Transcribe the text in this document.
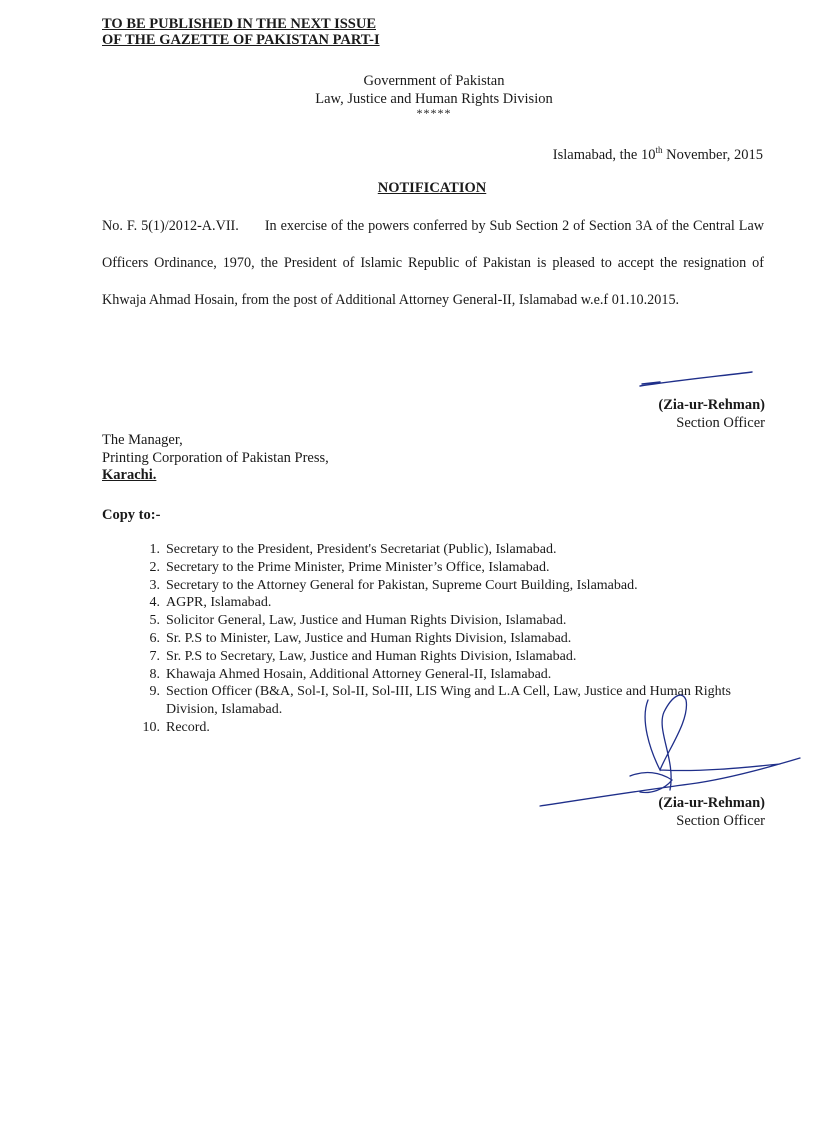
TO BE PUBLISHED IN THE NEXT ISSUE
OF THE GAZETTE OF PAKISTAN PART-I
Government of Pakistan
Law, Justice and Human Rights Division
*****
Islamabad, the 10th November, 2015
NOTIFICATION
No. F. 5(1)/2012-A.VII. In exercise of the powers conferred by Sub Section 2 of Section 3A of the Central Law Officers Ordinance, 1970, the President of Islamic Republic of Pakistan is pleased to accept the resignation of Khwaja Ahmad Hosain, from the post of Additional Attorney General-II, Islamabad w.e.f 01.10.2015.
(Zia-ur-Rehman)
Section Officer
The Manager,
Printing Corporation of Pakistan Press,
Karachi.
Copy to:-
1. Secretary to the President, President's Secretariat (Public), Islamabad.
2. Secretary to the Prime Minister, Prime Minister’s Office, Islamabad.
3. Secretary to the Attorney General for Pakistan, Supreme Court Building, Islamabad.
4. AGPR, Islamabad.
5. Solicitor General, Law, Justice and Human Rights Division, Islamabad.
6. Sr. P.S to Minister, Law, Justice and Human Rights Division, Islamabad.
7. Sr. P.S to Secretary, Law, Justice and Human Rights Division, Islamabad.
8. Khawaja Ahmed Hosain, Additional Attorney General-II, Islamabad.
9. Section Officer (B&A, Sol-I, Sol-II, Sol-III, LIS Wing and L.A Cell, Law, Justice and Human Rights Division, Islamabad.
10. Record.
(Zia-ur-Rehman)
Section Officer
